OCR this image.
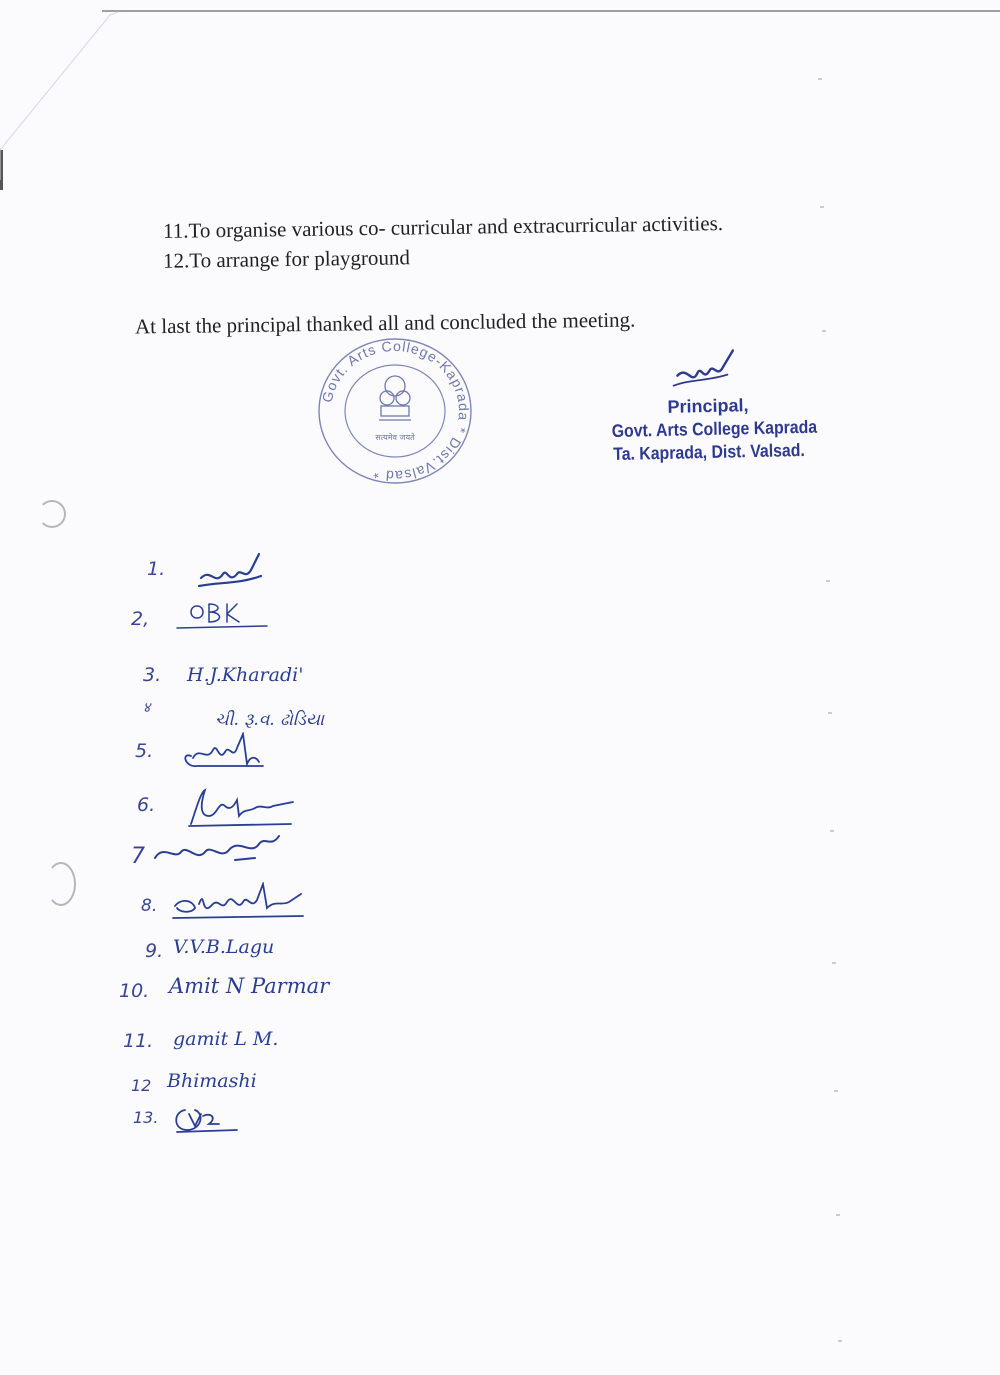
11.To organise various co- curricular and extracurricular activities.

12.To arrange for playground

At last the principal thanked all and concluded the meeting.

Govt. Arts College-Kaprada * Dist.Valsad *
सत्यमेव जयते
Principal,
Govt. Arts College Kaprada
Ta. Kaprada, Dist. Valsad.
1.
2,
3. H.J.Kharadi'
४
ચી. રૂ.વ. ઢોડિયા
5.
6.
7
8.
9. V.V.B.Lagu
10. Amit N Parmar
11. gamit L M.
12 Bhimashi
13.
